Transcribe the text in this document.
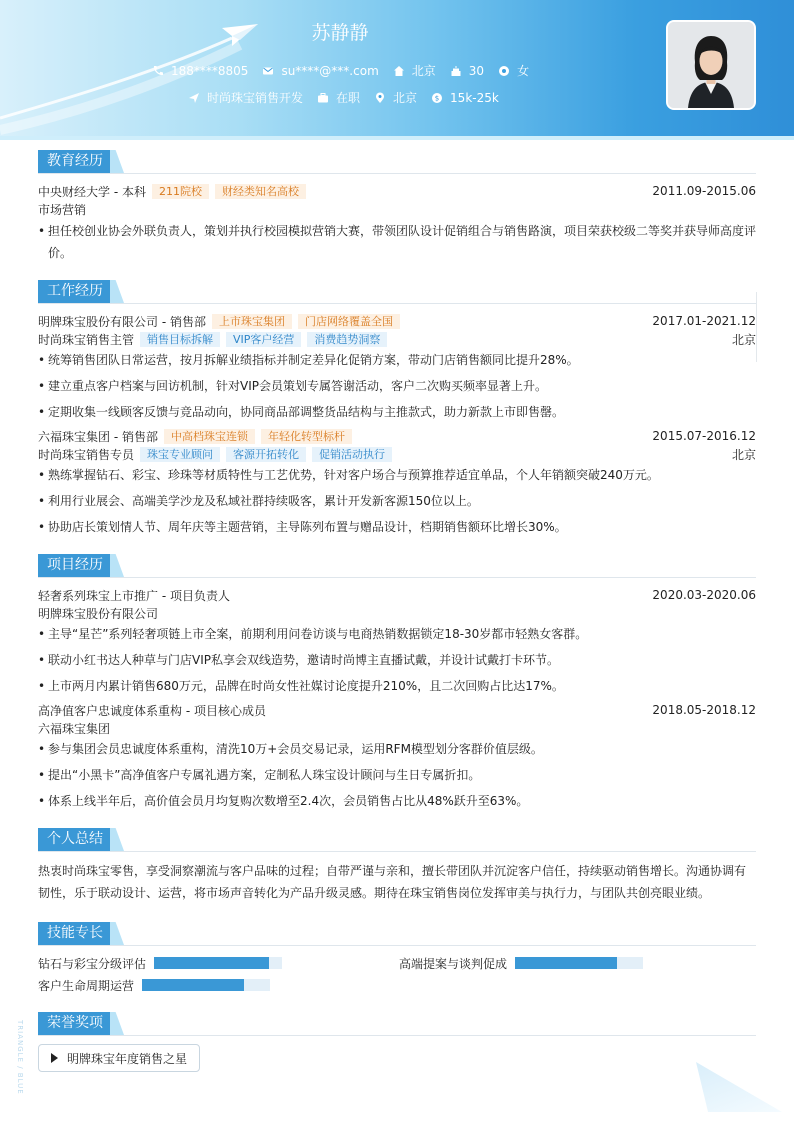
苏静静
188****8805	su****@***.com	北京	30	女
时尚珠宝销售开发	在职	北京	$ 15k-25k
教育经历
中央财经大学 - 本科	211院校	财经类知名高校	2011.09-2015.06
市场营销
• 担任校创业协会外联负责人，策划并执行校园模拟营销大赛，带领团队设计促销组合与销售路演，项目荣获校级二等奖并获导师高度评价。
工作经历
明牌珠宝股份有限公司 - 销售部	上市珠宝集团	门店网络覆盖全国	2017.01-2021.12
时尚珠宝销售主管	销售目标拆解	VIP客户经营	消费趋势洞察	北京
• 统筹销售团队日常运营，按月拆解业绩指标并制定差异化促销方案，带动门店销售额同比提升28%。
• 建立重点客户档案与回访机制，针对VIP会员策划专属答谢活动，客户二次购买频率显著上升。
• 定期收集一线顾客反馈与竞品动向，协同商品部调整货品结构与主推款式，助力新款上市即售罄。
六福珠宝集团 - 销售部	中高档珠宝连锁	年轻化转型标杆	2015.07-2016.12
时尚珠宝销售专员	珠宝专业顾问	客源开拓转化	促销活动执行	北京
• 熟练掌握钻石、彩宝、珍珠等材质特性与工艺优势，针对客户场合与预算推荐适宜单品，个人年销额突破240万元。
• 利用行业展会、高端美学沙龙及私域社群持续吸客，累计开发新客源150位以上。
• 协助店长策划情人节、周年庆等主题营销，主导陈列布置与赠品设计，档期销售额环比增长30%。
项目经历
轻奢系列珠宝上市推广 - 项目负责人	2020.03-2020.06
明牌珠宝股份有限公司
• 主导“星芒”系列轻奢项链上市全案，前期利用问卷访谈与电商热销数据锁定18-30岁都市轻熟女客群。
• 联动小红书达人种草与门店VIP私享会双线造势，邀请时尚博主直播试戴，并设计试戴打卡环节。
• 上市两月内累计销售680万元，品牌在时尚女性社媒讨论度提升210%，且二次回购占比达17%。
高净值客户忠诚度体系重构 - 项目核心成员	2018.05-2018.12
六福珠宝集团
• 参与集团会员忠诚度体系重构，清洗10万+会员交易记录，运用RFM模型划分客群价值层级。
• 提出“小黑卡”高净值客户专属礼遇方案，定制私人珠宝设计顾问与生日专属折扣。
• 体系上线半年后，高价值会员月均复购次数增至2.4次，会员销售占比从48%跃升至63%。
个人总结
热衷时尚珠宝零售，享受洞察潮流与客户品味的过程；自带严谨与亲和，擅长带团队并沉淀客户信任，持续驱动销售增长。沟通协调有韧性，乐于联动设计、运营，将市场声音转化为产品升级灵感。期待在珠宝销售岗位发挥审美与执行力，与团队共创亮眼业绩。
技能专长
钻石与彩宝分级评估	高端提案与谈判促成
客户生命周期运营
荣誉奖项
明牌珠宝年度销售之星
TRIANGLE / BLUE
